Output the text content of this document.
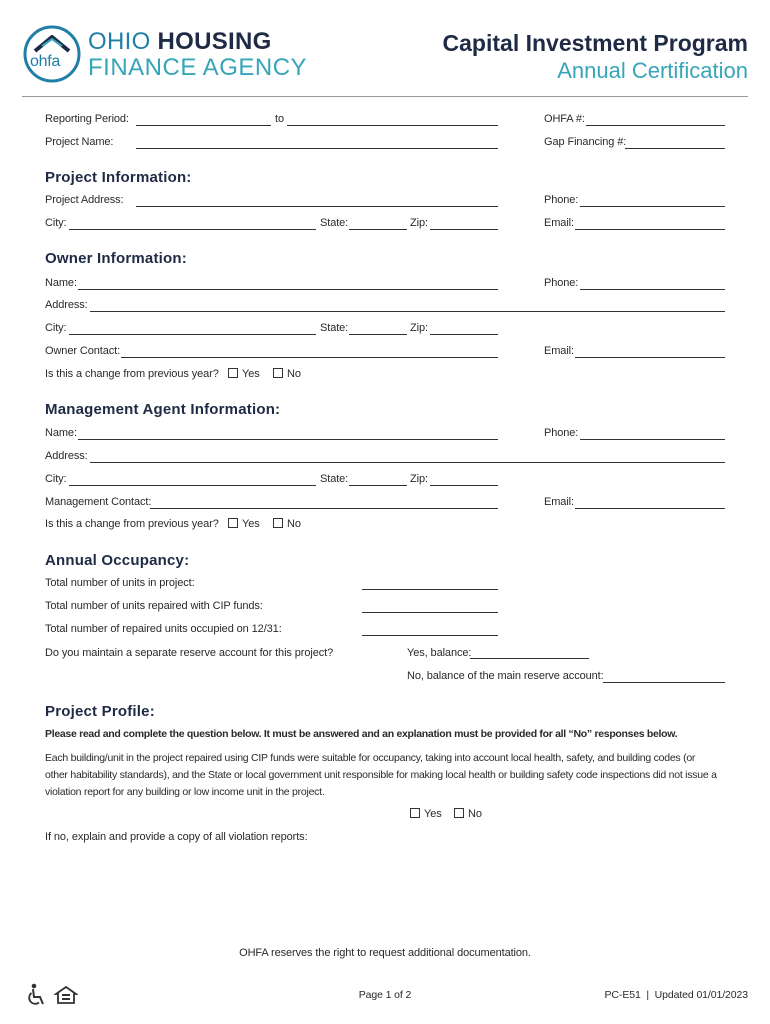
ohfa
OHIO HOUSING
FINANCE AGENCY
Capital Investment Program
Annual Certification
Reporting Period:	to	OHFA #:
Project Name:	Gap Financing #:
Project Information:
Project Address:	Phone:
City:	State:	Zip:	Email:
Owner Information:
Name:	Phone:
Address:
City:	State:	Zip:
Owner Contact:	Email:
Is this a change from previous year?	Yes	No
Management Agent Information:
Name:	Phone:
Address:
City:	State:	Zip:
Management Contact:	Email:
Is this a change from previous year?	Yes	No
Annual Occupancy:
Total number of units in project:
Total number of units repaired with CIP funds:
Total number of repaired units occupied on 12/31:
Do you maintain a separate reserve account for this project?	Yes, balance:
No, balance of the main reserve account:
Project Profile:
Please read and complete the question below. It must be answered and an explanation must be provided for all “No” responses below.
Each building/unit in the project repaired using CIP funds were suitable for occupancy, taking into account local health, safety, and building codes (or other habitability standards), and the State or local government unit responsible for making local health or building safety code inspections did not issue a violation report for any building or low income unit in the project.
Yes	No
If no, explain and provide a copy of all violation reports:
OHFA reserves the right to request additional documentation.
Page 1 of 2	PC-E51 | Updated 01/01/2023
